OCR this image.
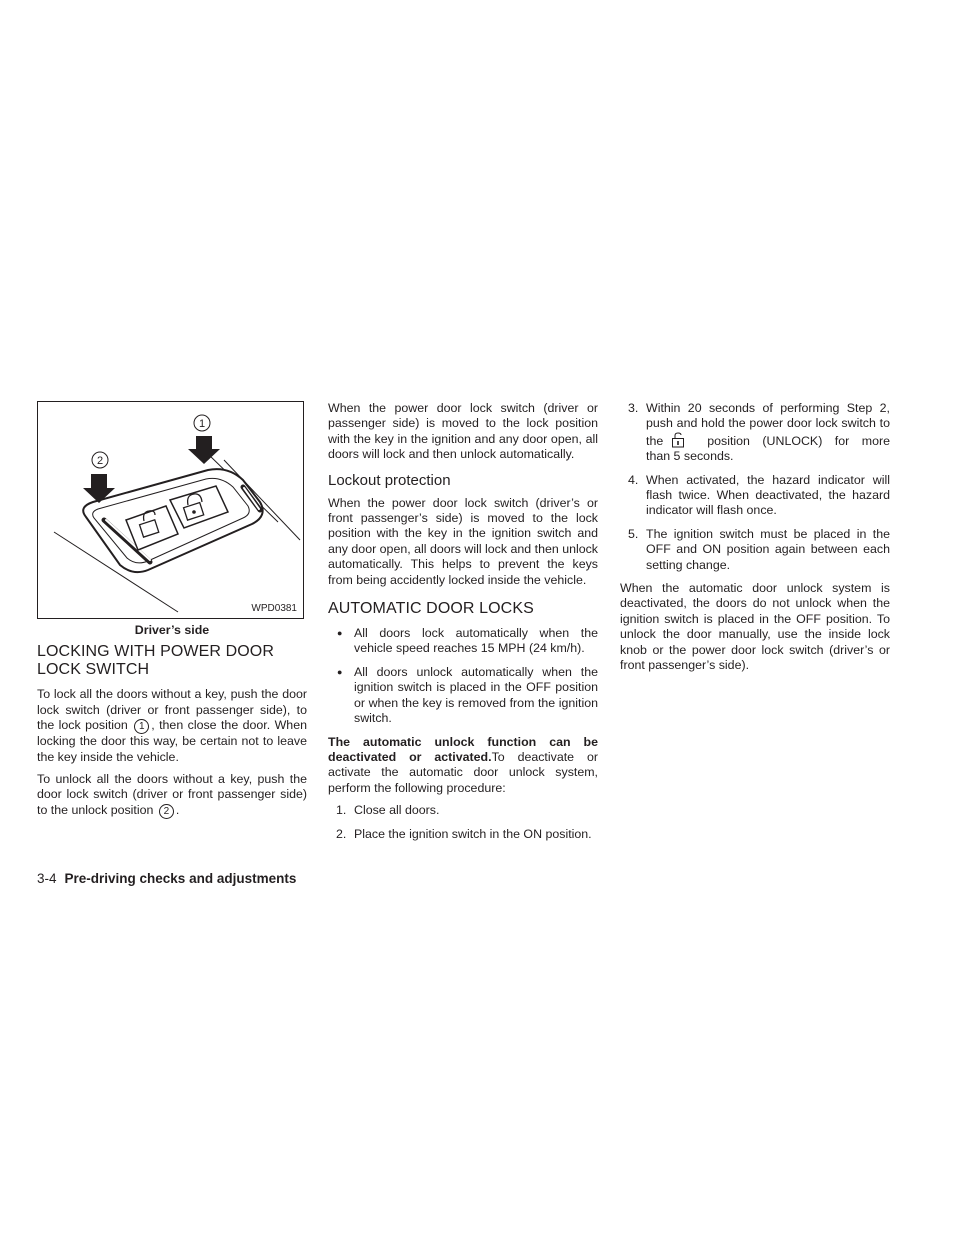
1
2
WPD0381
Driver’s side
LOCKING WITH POWER DOOR LOCK SWITCH

To lock all the doors without a key, push the door lock switch (driver or front passenger side), to the lock position 1 , then close the door. When locking the door this way, be certain not to leave the key inside the vehicle.

To unlock all the doors without a key, push the door lock switch (driver or front passenger side) to the unlock position 2 .

When the power door lock switch (driver or passenger side) is moved to the lock position with the key in the ignition and any door open, all doors will lock and then unlock automatically.

Lockout protection

When the power door lock switch (driver’s or front passenger’s side) is moved to the lock position with the key in the ignition switch and any door open, all doors will lock and then unlock automatically. This helps to prevent the keys from being accidently locked inside the vehicle.

AUTOMATIC DOOR LOCKS
● All doors lock automatically when the vehicle speed reaches 15 MPH (24 km/h).
● All doors unlock automatically when the ignition switch is placed in the OFF position or when the key is removed from the ignition switch.

The automatic unlock function can be deactivated or activated.To deactivate or activate the automatic door unlock system, perform the following procedure:

1. Close all doors.
2. Place the ignition switch in the ON position.
3. Within 20 seconds of performing Step 2, push and hold the power door lock switch to the	position (UNLOCK) for more than 5 seconds.
4. When activated, the hazard indicator will flash twice. When deactivated, the hazard indicator will flash once.
5. The ignition switch must be placed in the OFF and ON position again between each setting change.

When the automatic door unlock system is deactivated, the doors do not unlock when the ignition switch is placed in the OFF position. To unlock the door manually, use the inside lock knob or the power door lock switch (driver’s or front passenger’s side).

3-4 Pre-driving checks and adjustments
